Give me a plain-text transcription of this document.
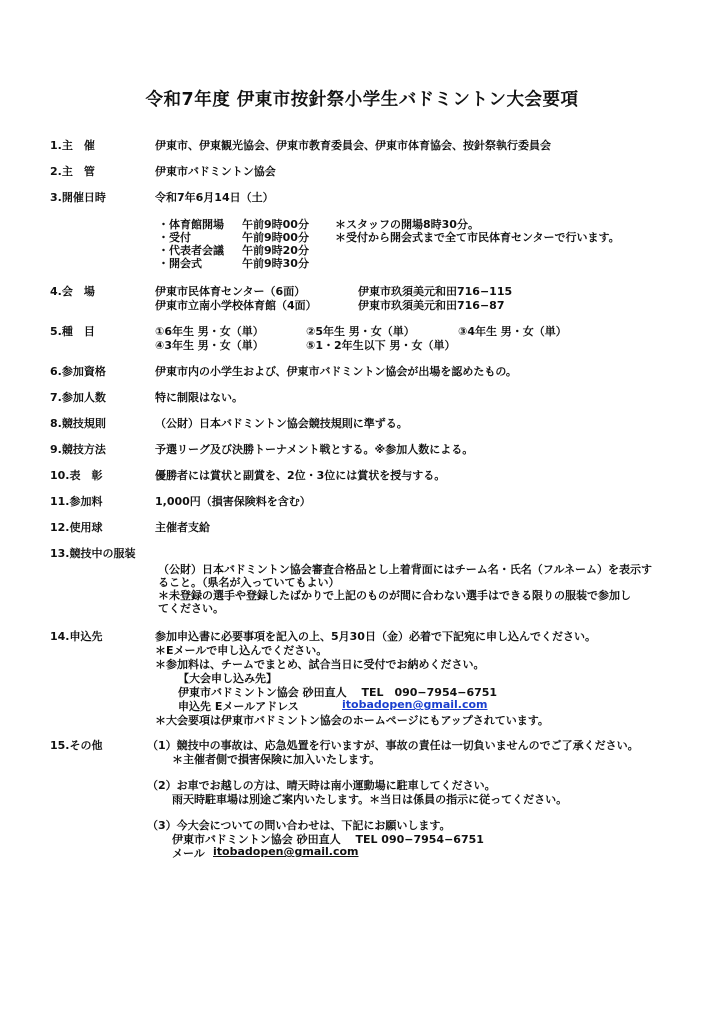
令和7年度 伊東市按針祭小学生バドミントン大会要項
1.主　催	伊東市、伊東観光協会、伊東市教育委員会、伊東市体育協会、按針祭執行委員会
2.主　管	伊東市バドミントン協会
3.開催日時	令和7年6月14日（土）
・体育館開場 午前9時00分 ＊スタッフの開場8時30分。
・受付	午前9時00分 ＊受付から開会式まで全て市民体育センターで行います。
・代表者会議 午前9時20分
・開会式	午前9時30分
4.会　場	伊東市民体育センター（6面）	伊東市玖須美元和田716−115
伊東市立南小学校体育館（4面）	伊東市玖須美元和田716−87
5.種　目	①6年生 男・女（単）	②5年生 男・女（単）	③4年生 男・女（単）
④3年生 男・女（単）	⑤1・2年生以下 男・女（単）
6.参加資格	伊東市内の小学生および、伊東市バドミントン協会が出場を認めたもの。
7.参加人数	特に制限はない。
8.競技規則	（公財）日本バドミントン協会競技規則に準ずる。
9.競技方法	予選リーグ及び決勝トーナメント戦とする。※参加人数による。
10.表　彰	優勝者には賞状と副賞を、2位・3位には賞状を授与する。
11.参加料	1,000円（損害保険料を含む）
12.使用球	主催者支給
13.競技中の服装
（公財）日本バドミントン協会審査合格品とし上着背面にはチーム名・氏名（フルネーム）を表示す
ること。（県名が入っていてもよい）
＊未登録の選手や登録したばかりで上記のものが間に合わない選手はできる限りの服装で参加し
てください。
14.申込先	参加申込書に必要事項を記入の上、5月30日（金）必着で下記宛に申し込んでください。
＊Eメールで申し込んでください。
＊参加料は、チームでまとめ、試合当日に受付でお納めください。
【大会申し込み先】
伊東市バドミントン協会 砂田直人　 TEL　090−7954−6751
申込先 Eメールアドレス	itobadopen@gmail.com
＊大会要項は伊東市バドミントン協会のホームページにもアップされています。
15.その他	（1）競技中の事故は、応急処置を行いますが、事故の責任は一切負いませんのでご了承ください。
＊主催者側で損害保険に加入いたします。
（2）お車でお越しの方は、晴天時は南小運動場に駐車してください。
雨天時駐車場は別途ご案内いたします。＊当日は係員の指示に従ってください。
（3）今大会についての問い合わせは、下記にお願いします。
伊東市バドミントン協会 砂田直人　 TEL 090−7954−6751
メール itobadopen@gmail.com
